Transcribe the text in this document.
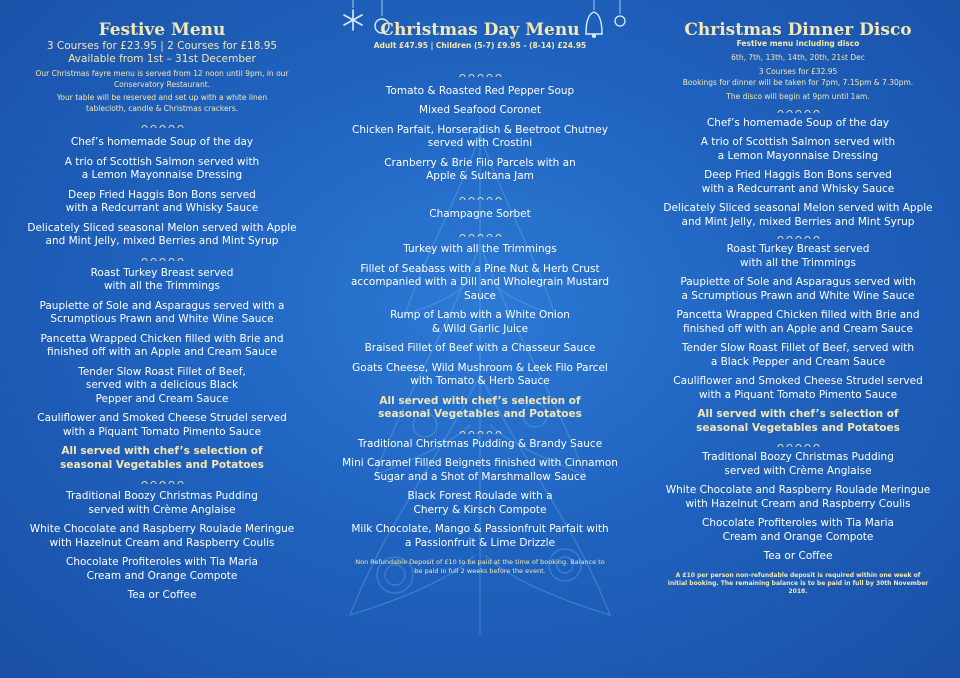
Festive Menu

3 Courses for £23.95 | 2 Courses for £18.95

Available from 1st – 31st December

Our Christmas fayre menu is served from 12 noon until 9pm, in our Conservatory Restaurant.

Your table will be reserved and set up with a white linen tablecloth, candle & Christmas crackers.

Chef’s homemade Soup of the day

A trio of Scottish Salmon served with a Lemon Mayonnaise Dressing

Deep Fried Haggis Bon Bons served with a Redcurrant and Whisky Sauce

Delicately Sliced seasonal Melon served with Apple and Mint Jelly, mixed Berries and Mint Syrup

Roast Turkey Breast served with all the Trimmings

Paupiette of Sole and Asparagus served with a Scrumptious Prawn and White Wine Sauce

Pancetta Wrapped Chicken filled with Brie and finished off with an Apple and Cream Sauce

Tender Slow Roast Fillet of Beef, served with a delicious Black Pepper and Cream Sauce

Cauliflower and Smoked Cheese Strudel served with a Piquant Tomato Pimento Sauce

All served with chef’s selection of seasonal Vegetables and Potatoes

Traditional Boozy Christmas Pudding served with Crème Anglaise

White Chocolate and Raspberry Roulade Meringue with Hazelnut Cream and Raspberry Coulis

Chocolate Profiteroles with Tia Maria Cream and Orange Compote

Tea or Coffee

Christmas Day Menu

Adult £47.95 | Children (5-7) £9.95 - (8-14) £24.95

Tomato & Roasted Red Pepper Soup

Mixed Seafood Coronet

Chicken Parfait, Horseradish & Beetroot Chutney served with Crostini

Cranberry & Brie Filo Parcels with an Apple & Sultana Jam

Champagne Sorbet

Turkey with all the Trimmings

Fillet of Seabass with a Pine Nut & Herb Crust accompanied with a Dill and Wholegrain Mustard Sauce

Rump of Lamb with a White Onion & Wild Garlic Juice

Braised Fillet of Beef with a Chasseur Sauce

Goats Cheese, Wild Mushroom & Leek Filo Parcel with Tomato & Herb Sauce

All served with chef’s selection of seasonal Vegetables and Potatoes

Traditional Christmas Pudding & Brandy Sauce

Mini Caramel Filled Beignets finished with Cinnamon Sugar and a Shot of Marshmallow Sauce

Black Forest Roulade with a Cherry & Kirsch Compote

Milk Chocolate, Mango & Passionfruit Parfait with a Passionfruit & Lime Drizzle

Non Refundable Deposit of £10 to be paid at the time of booking. Balance to be paid in full 2 weeks before the event.

Christmas Dinner Disco

Festive menu including disco

6th, 7th, 13th, 14th, 20th, 21st Dec

3 Courses for £32.95

Bookings for dinner will be taken for 7pm, 7.15pm & 7.30pm.

The disco will begin at 9pm until 1am.

Chef’s homemade Soup of the day

A trio of Scottish Salmon served with a Lemon Mayonnaise Dressing

Deep Fried Haggis Bon Bons served with a Redcurrant and Whisky Sauce

Delicately Sliced seasonal Melon served with Apple and Mint Jelly, mixed Berries and Mint Syrup

Roast Turkey Breast served with all the Trimmings

Paupiette of Sole and Asparagus served with a Scrumptious Prawn and White Wine Sauce

Pancetta Wrapped Chicken filled with Brie and finished off with an Apple and Cream Sauce

Tender Slow Roast Fillet of Beef, served with a Black Pepper and Cream Sauce

Cauliflower and Smoked Cheese Strudel served with a Piquant Tomato Pimento Sauce

All served with chef’s selection of seasonal Vegetables and Potatoes

Traditional Boozy Christmas Pudding served with Crème Anglaise

White Chocolate and Raspberry Roulade Meringue with Hazelnut Cream and Raspberry Coulis

Chocolate Profiteroles with Tia Maria Cream and Orange Compote

Tea or Coffee

A £10 per person non-refundable deposit is required within one week of initial booking. The remaining balance is to be paid in full by 30th November 2018.
